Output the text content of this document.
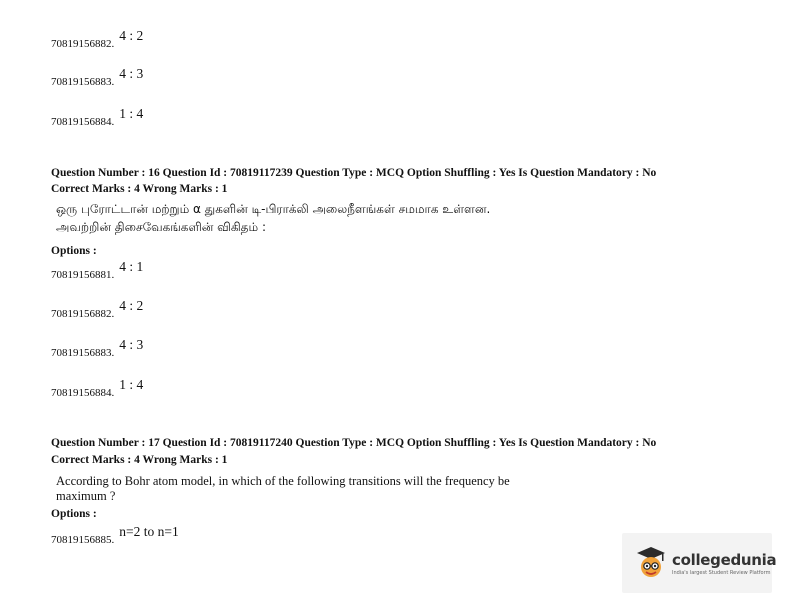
70819156882.
4 : 2
70819156883.
4 : 3
70819156884.
1 : 4
Question Number : 16 Question Id : 70819117239 Question Type : MCQ Option Shuffling : Yes Is Question Mandatory : No
Correct Marks : 4 Wrong Marks : 1
ஒரு புரோட்டான் மற்றும் α துகளின் டி-பிராக்லி அலைநீளங்கள் சமமாக உள்ளன.
அவற்றின் திசைவேகங்களின் விகிதம் :
Options :
70819156881.
4 : 1
70819156882.
4 : 2
70819156883.
4 : 3
70819156884.
1 : 4
Question Number : 17 Question Id : 70819117240 Question Type : MCQ Option Shuffling : Yes Is Question Mandatory : No
Correct Marks : 4 Wrong Marks : 1
According to Bohr atom model, in which of the following transitions will the frequency be
maximum ?
Options :
70819156885.
n=2 to n=1
collegedunia
India's largest Student Review Platform
